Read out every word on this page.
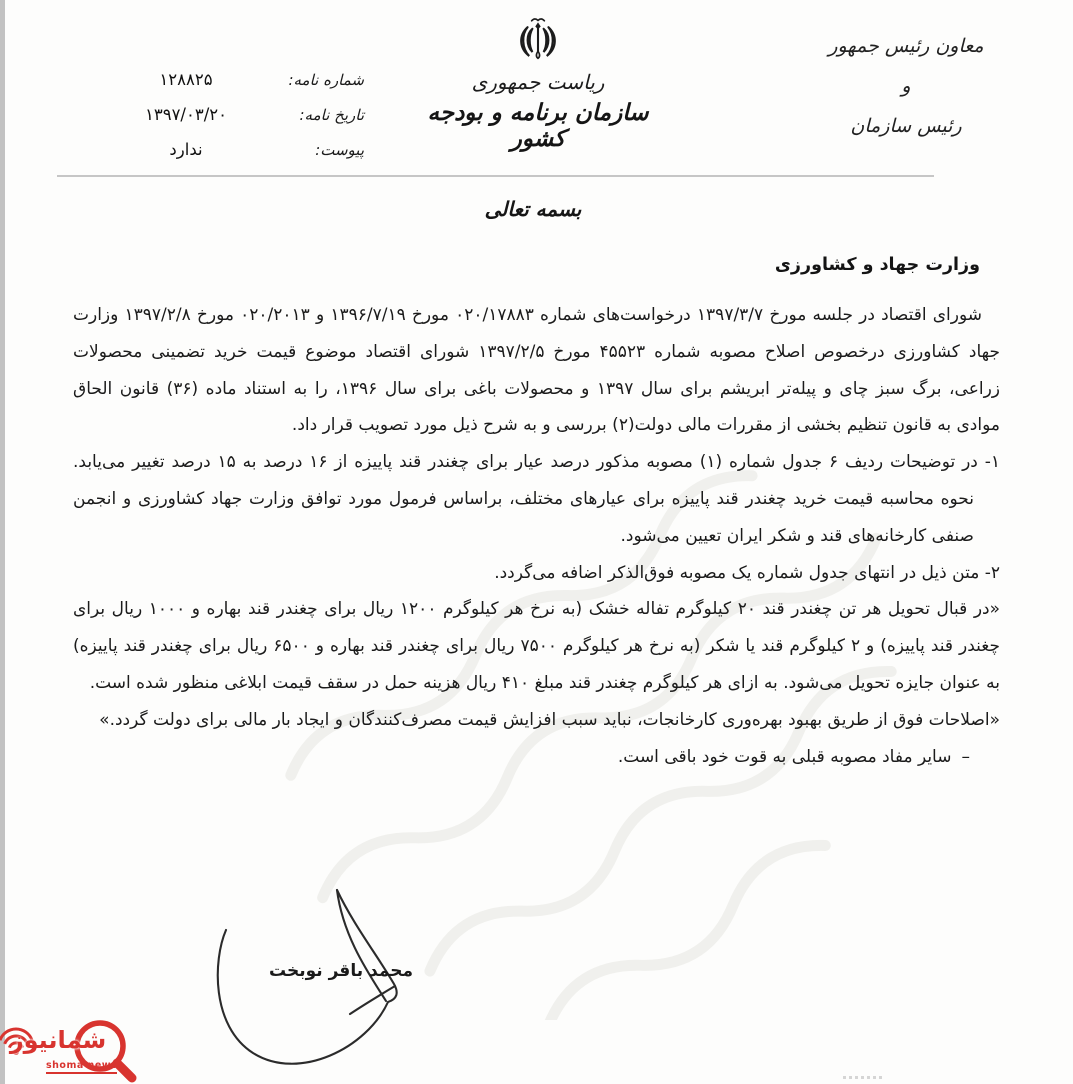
معاون رئیس جمهور
و
رئیس سازمان
ریاست جمهوری
سازمان برنامه و بودجه کشور
شماره نامه:
۱۲۸۸۲۵
تاریخ نامه:
۱۳۹۷/۰۳/۲۰
پیوست:
ندارد
بسمه تعالی
وزارت جهاد و کشاورزی

شورای اقتصاد در جلسه مورخ ۱۳۹۷/۳/۷ درخواست‌های شماره ۰۲۰/۱۷۸۸۳ مورخ ۱۳۹۶/۷/۱۹ و ۰۲۰/۲۰۱۳ مورخ ۱۳۹۷/۲/۸ وزارت جهاد کشاورزی درخصوص اصلاح مصوبه شماره ۴۵۵۲۳ مورخ ۱۳۹۷/۲/۵ شورای اقتصاد موضوع قیمت خرید تضمینی محصولات زراعی، برگ سبز چای و پیله‌تر ابریشم برای سال ۱۳۹۷ و محصولات باغی برای سال ۱۳۹۶، را به استناد ماده (۳۶) قانون الحاق موادی به قانون تنظیم بخشی از مقررات مالی دولت(۲) بررسی و به شرح ذیل مورد تصویب قرار داد.

۱- در توضیحات ردیف ۶ جدول شماره (۱) مصوبه مذکور درصد عیار برای چغندر قند پاییزه از ۱۶ درصد به ۱۵ درصد تغییر می‌یابد. نحوه محاسبه قیمت خرید چغندر قند پاییزه برای عیارهای مختلف، براساس فرمول مورد توافق وزارت جهاد کشاورزی و انجمن صنفی کارخانه‌های قند و شکر ایران تعیین می‌شود.

۲- متن ذیل در انتهای جدول شماره یک مصوبه فوق‌الذکر اضافه می‌گردد.

«در قبال تحویل هر تن چغندر قند ۲۰ کیلوگرم تفاله خشک (به نرخ هر کیلوگرم ۱۲۰۰ ریال برای چغندر قند بهاره و ۱۰۰۰ ریال برای چغندر قند پاییزه) و ۲ کیلوگرم قند یا شکر (به نرخ هر کیلوگرم ۷۵۰۰ ریال برای چغندر قند بهاره و ۶۵۰۰ ریال برای چغندر قند پاییزه) به عنوان جایزه تحویل می‌شود. به ازای هر کیلوگرم چغندر قند مبلغ ۴۱۰ ریال هزینه حمل در سقف قیمت ابلاغی منظور شده است.

«اصلاحات فوق از طریق بهبود بهره‌وری کارخانجات، نباید سبب افزایش قیمت مصرف‌کنندگان و ایجاد بار مالی برای دولت گردد.»

–سایر مفاد مصوبه قبلی به قوت خود باقی است.

محمد باقر نوبخت
شمانیوز
shoma news
